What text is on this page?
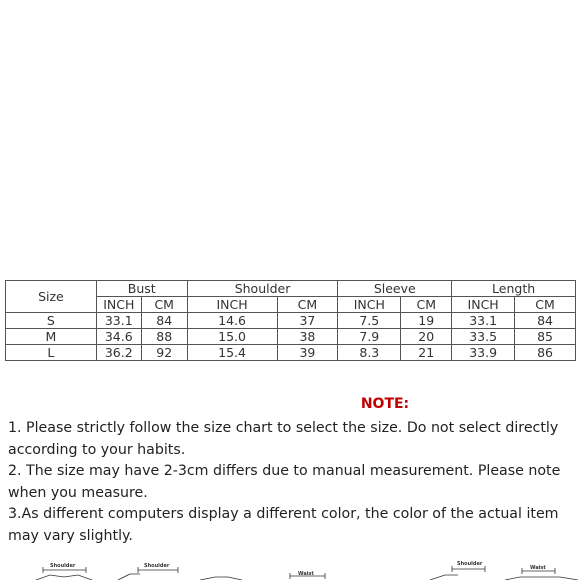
Size	Bust		Shoulder		Sleeve		Length	
	INCH	CM	INCH	CM	INCH	CM	INCH	CM
S	33.1	84	14.6	37	7.5	19	33.1	84
M	34.6	88	15.0	38	7.9	20	33.5	85
L	36.2	92	15.4	39	8.3	21	33.9	86
NOTE:

1. Please strictly follow the size chart to select the size. Do not select directly according to your habits.

2. The size may have 2-3cm differs due to manual measurement. Please note when you measure.

3.As different computers display a different color, the color of the actual item may vary slightly.

Shoulder	Shoulder
Waist
Shoulder
Waist
